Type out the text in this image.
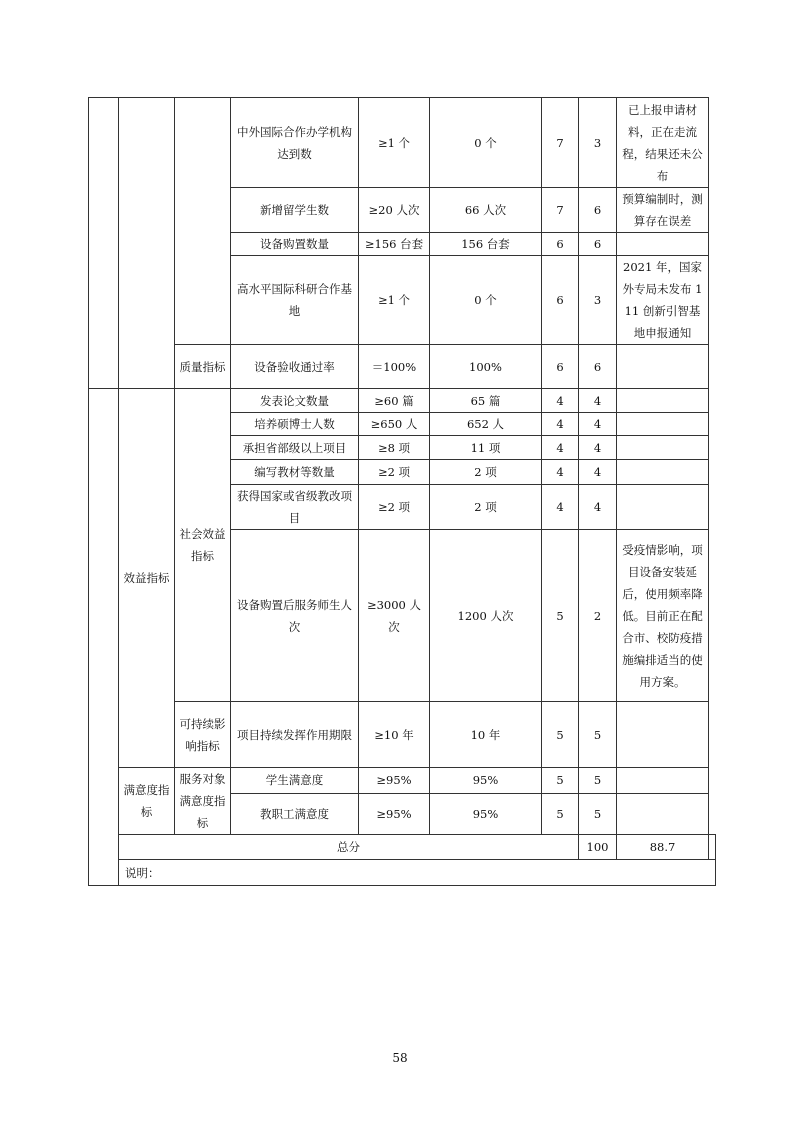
			中外国际合作办学机构达到数	≥1 个	0 个	7	3	已上报申请材料，正在走流程，结果还未公布	
			新增留学生数	≥20 人次	66 人次	7	6	预算编制时，测算存在误差	
			设备购置数量	≥156 台套	156 台套	6	6		
			高水平国际科研合作基地	≥1 个	0 个	6	3	2021 年，国家外专局未发布 111 创新引智基地申报通知	
		质量指标	设备验收通过率	＝100%	100%	6	6		
	效益指标	社会效益指标	发表论文数量	≥60 篇	65 篇	4	4		
			培养硕博士人数	≥650 人	652 人	4	4		
			承担省部级以上项目	≥8 项	11 项	4	4		
			编写教材等数量	≥2 项	2 项	4	4		
			获得国家或省级教改项目	≥2 项	2 项	4	4		
			设备购置后服务师生人次	≥3000 人次	1200 人次	5	2	受疫情影响，项目设备安装延后，使用频率降低。目前正在配合市、校防疫措施编排适当的使用方案。	
		可持续影响指标	项目持续发挥作用期限	≥10 年	10 年	5	5		
	满意度指标	服务对象满意度指标	学生满意度	≥95%	95%	5	5		
			教职工满意度	≥95%	95%	5	5		
	总分						100	88.7	
	说明：								
58
